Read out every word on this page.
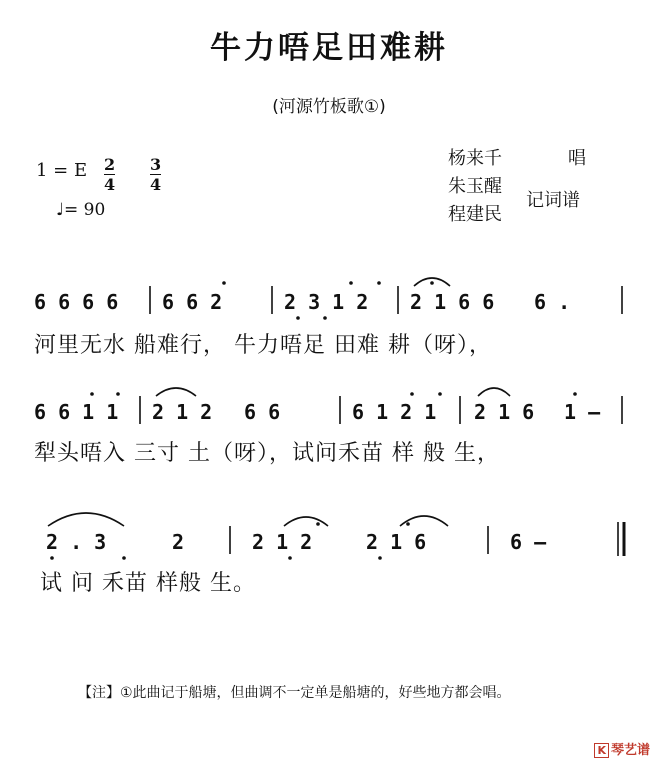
牛力唔足田难耕
(河源竹板歌①)
杨来千	唱
朱玉醒
程建民
记词谱
1 = E 2
4
3
4
♩= 90
6 6 6 6 6 6 2	2 3 1 2 2 1 6 6 6 .
河里无水 船难行， 牛力唔足 田难 耕（呀），
6 6 1 1 2 1 2 6 6	6 1 2 1 2 1 6 1 –
犁头唔入 三寸 土（呀），试问禾苗 样 般 生，
2 . 3	2	2 1 2	2 1 6	6 –
试 问 禾苗 样般 生。
【注】①此曲记于船塘，但曲调不一定单是船塘的，好些地方都会唱。
K 琴艺谱
